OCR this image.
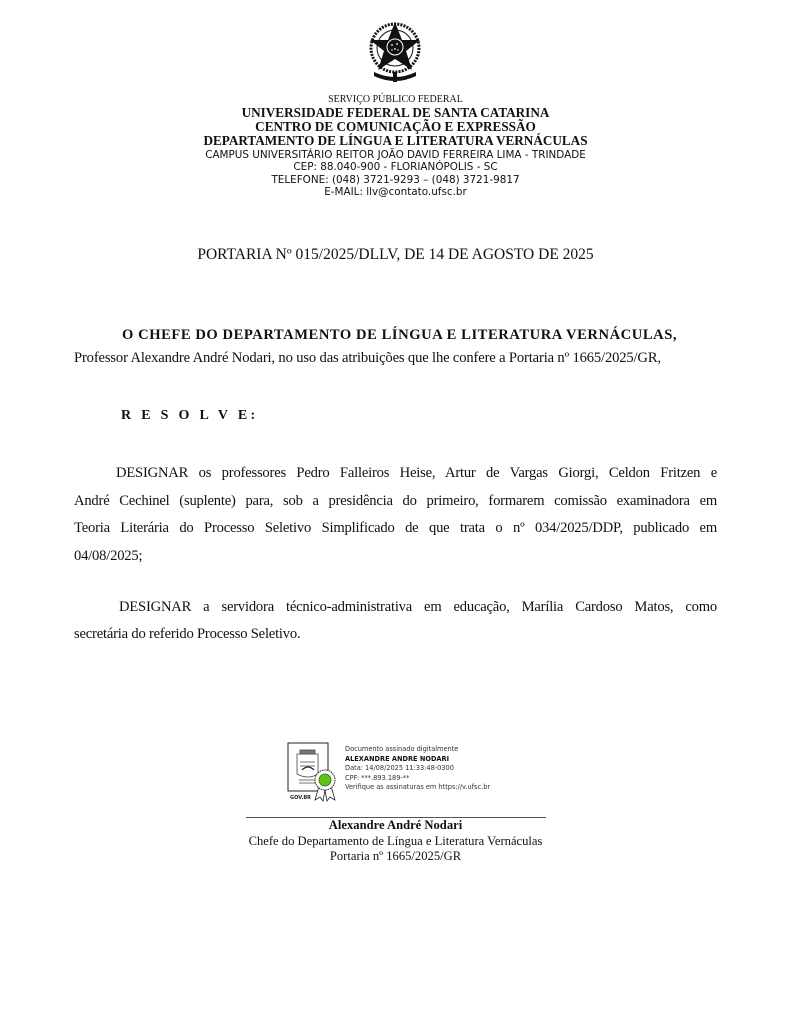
SERVIÇO PÚBLICO FEDERAL
UNIVERSIDADE FEDERAL DE SANTA CATARINA
CENTRO DE COMUNICAÇÃO E EXPRESSÃO
DEPARTAMENTO DE LÍNGUA E LITERATURA VERNÁCULAS
CAMPUS UNIVERSITÁRIO REITOR JOÃO DAVID FERREIRA LIMA - TRINDADE
CEP: 88.040-900 - FLORIANÓPOLIS - SC
TELEFONE: (048) 3721-9293 – (048) 3721-9817
E-MAIL: llv@contato.ufsc.br
PORTARIA Nº 015/2025/DLLV, DE 14 DE AGOSTO DE 2025
O CHEFE DO DEPARTAMENTO DE LÍNGUA E LITERATURA VERNÁCULAS,
Professor Alexandre André Nodari, no uso das atribuições que lhe confere a Portaria nº 1665/2025/GR,
R E S O L V E:
DESIGNAR os professores Pedro Falleiros Heise, Artur de Vargas Giorgi, Celdon Fritzen e
André Cechinel (suplente) para, sob a presidência do primeiro, formarem comissão examinadora em
Teoria Literária do Processo Seletivo Simplificado de que trata o nº 034/2025/DDP, publicado em
04/08/2025;
DESIGNAR a servidora técnico-administrativa em educação, Marília Cardoso Matos, como
secretária do referido Processo Seletivo.
GOV.BR
Documento assinado digitalmente
ALEXANDRE ANDRE NODARI
Data: 14/08/2025 11:33:48-0300
CPF: ***.893.189-**
Verifique as assinaturas em https://v.ufsc.br
Alexandre André Nodari
Chefe do Departamento de Língua e Literatura Vernáculas
Portaria nº 1665/2025/GR
